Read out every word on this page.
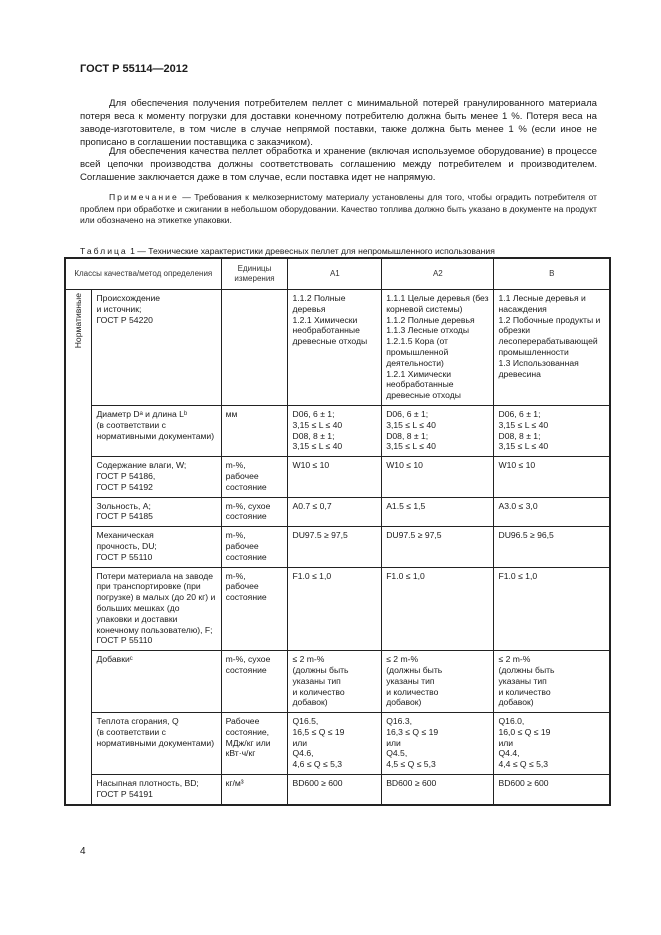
ГОСТ Р 55114—2012
Для обеспечения получения потребителем пеллет с минимальной потерей гранулированного материала потеря веса к моменту погрузки для доставки конечному потребителю должна быть менее 1 %. Потеря веса на заводе-изготовителе, в том числе в случае непрямой поставки, также должна быть менее 1 % (если иное не прописано в соглашении поставщика с заказчиком).
Для обеспечения качества пеллет обработка и хранение (включая используемое оборудование) в процессе всей цепочки производства должны соответствовать соглашению между потребителем и производителем. Соглашение заключается даже в том случае, если поставка идет не напрямую.
Примечание — Требования к мелкозернистому материалу установлены для того, чтобы оградить потребителя от проблем при обработке и сжигании в небольшом оборудовании. Качество топлива должно быть указано в документе на продукт или обозначено на этикетке упаковки.
Таблица 1 — Технические характеристики древесных пеллет для непромышленного использования
Классы качества/метод определения		Единицы измерения	A1	A2	B

Нормативные	Происхождение
и источник;
ГОСТ Р 54220		1.1.2 Полные деревья
1.2.1 Химически необработанные древесные отходы	1.1.1 Целые деревья (без корневой системы)
1.1.2 Полные деревья
1.1.3 Лесные отходы
1.2.1.5 Кора (от промышленной деятельности)
1.2.1 Химически необработанные древесные отходы	1.1 Лесные деревья и насаждения
1.2 Побочные продукты и обрезки лесоперерабатывающей промышленности
1.3 Использованная древесина
	Диаметр Dᵃ и длина Lᵇ
(в соответствии с нормативными документами)	мм	D06, 6 ± 1;
3,15 ≤ L ≤ 40
D08, 8 ± 1;
3,15 ≤ L ≤ 40	D06, 6 ± 1;
3,15 ≤ L ≤ 40
D08, 8 ± 1;
3,15 ≤ L ≤ 40	D06, 6 ± 1;
3,15 ≤ L ≤ 40
D08, 8 ± 1;
3,15 ≤ L ≤ 40
	Содержание влаги, W;
ГОСТ Р 54186,
ГОСТ Р 54192	m-%,
рабочее
состояние	W10 ≤ 10	W10 ≤ 10	W10 ≤ 10
	Зольность, A;
ГОСТ Р 54185	m-%, сухое
состояние	A0.7 ≤ 0,7	A1.5 ≤ 1,5	A3.0 ≤ 3,0
	Механическая
прочность, DU;
ГОСТ Р 55110	m-%,
рабочее
состояние	DU97.5 ≥ 97,5	DU97.5 ≥ 97,5	DU96.5 ≥ 96,5
	Потери материала на заводе при транспортировке (при погрузке) в малых (до 20 кг) и больших мешках (до упаковки и доставки конечному пользователю), F;
ГОСТ Р 55110	m-%,
рабочее
состояние	F1.0 ≤ 1,0	F1.0 ≤ 1,0	F1.0 ≤ 1,0
	Добавкиᶜ	m-%, сухое
состояние	≤ 2 m-%
(должны быть
указаны тип
и количество
добавок)	≤ 2 m-%
(должны быть
указаны тип
и количество
добавок)	≤ 2 m-%
(должны быть
указаны тип
и количество
добавок)
	Теплота сгорания, Q
(в соответствии с нормативными документами)	Рабочее
состояние,
МДж/кг или
кВт·ч/кг	Q16.5,
16,5 ≤ Q ≤ 19
или
Q4.6,
4,6 ≤ Q ≤ 5,3	Q16.3,
16,3 ≤ Q ≤ 19
или
Q4.5,
4,5 ≤ Q ≤ 5,3	Q16.0,
16,0 ≤ Q ≤ 19
или
Q4.4,
4,4 ≤ Q ≤ 5,3
	Насыпная плотность, BD;
ГОСТ Р 54191	кг/м³	BD600 ≥ 600	BD600 ≥ 600	BD600 ≥ 600
4
